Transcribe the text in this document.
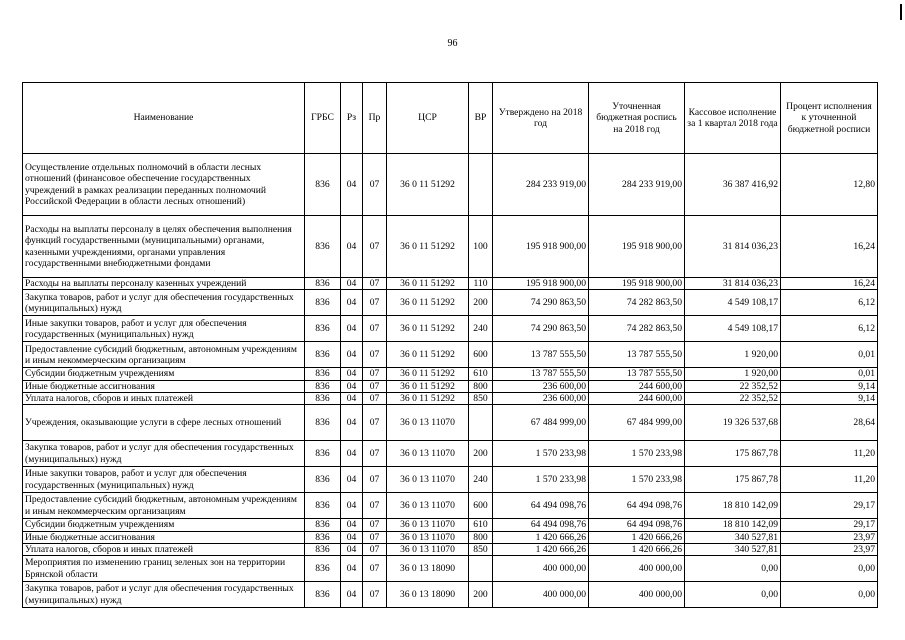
96
Наименование	ГРБС	Рз	Пр	ЦСР	ВР	Утверждено на 2018 год	Уточненная бюджетная роспись на 2018 год	Кассовое исполнение за 1 квартал 2018 года	Процент исполнения к уточненной бюджетной росписи
Осуществление отдельных полномочий в области лесных отношений (финансовое обеспечение государственных учреждений в рамках реализации переданных полномочий Российской Федерации в области лесных отношений)	836	04	07	36 0 11 51292		284 233 919,00	284 233 919,00	36 387 416,92	12,80
Расходы на выплаты персоналу в целях обеспечения выполнения функций государственными (муниципальными) органами, казенными учреждениями, органами управления государственными внебюджетными фондами	836	04	07	36 0 11 51292	100	195 918 900,00	195 918 900,00	31 814 036,23	16,24
Расходы на выплаты персоналу казенных учреждений	836	04	07	36 0 11 51292	110	195 918 900,00	195 918 900,00	31 814 036,23	16,24
Закупка товаров, работ и услуг для обеспечения государственных (муниципальных) нужд	836	04	07	36 0 11 51292	200	74 290 863,50	74 282 863,50	4 549 108,17	6,12
Иные закупки товаров, работ и услуг для обеспечения государственных (муниципальных) нужд	836	04	07	36 0 11 51292	240	74 290 863,50	74 282 863,50	4 549 108,17	6,12
Предоставление субсидий бюджетным, автономным учреждениям и иным некоммерческим организациям	836	04	07	36 0 11 51292	600	13 787 555,50	13 787 555,50	1 920,00	0,01
Субсидии бюджетным учреждениям	836	04	07	36 0 11 51292	610	13 787 555,50	13 787 555,50	1 920,00	0,01
Иные бюджетные ассигнования	836	04	07	36 0 11 51292	800	236 600,00	244 600,00	22 352,52	9,14
Уплата налогов, сборов и иных платежей	836	04	07	36 0 11 51292	850	236 600,00	244 600,00	22 352,52	9,14
Учреждения, оказывающие услуги в сфере лесных отношений	836	04	07	36 0 13 11070		67 484 999,00	67 484 999,00	19 326 537,68	28,64
Закупка товаров, работ и услуг для обеспечения государственных (муниципальных) нужд	836	04	07	36 0 13 11070	200	1 570 233,98	1 570 233,98	175 867,78	11,20
Иные закупки товаров, работ и услуг для обеспечения государственных (муниципальных) нужд	836	04	07	36 0 13 11070	240	1 570 233,98	1 570 233,98	175 867,78	11,20
Предоставление субсидий бюджетным, автономным учреждениям и иным некоммерческим организациям	836	04	07	36 0 13 11070	600	64 494 098,76	64 494 098,76	18 810 142,09	29,17
Субсидии бюджетным учреждениям	836	04	07	36 0 13 11070	610	64 494 098,76	64 494 098,76	18 810 142,09	29,17
Иные бюджетные ассигнования	836	04	07	36 0 13 11070	800	1 420 666,26	1 420 666,26	340 527,81	23,97
Уплата налогов, сборов и иных платежей	836	04	07	36 0 13 11070	850	1 420 666,26	1 420 666,26	340 527,81	23,97
Мероприятия по изменению границ зеленых зон на территории Брянской области	836	04	07	36 0 13 18090		400 000,00	400 000,00	0,00	0,00
Закупка товаров, работ и услуг для обеспечения государственных (муниципальных) нужд	836	04	07	36 0 13 18090	200	400 000,00	400 000,00	0,00	0,00
